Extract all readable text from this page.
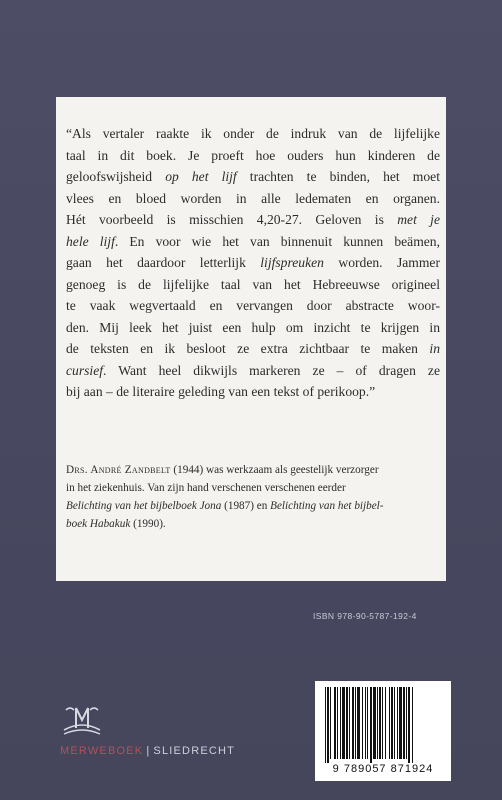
“Als vertaler raakte ik onder de indruk van de lijfelijke
taal in dit boek. Je proeft hoe ouders hun kinderen de
geloofswijsheid op het lijf trachten te binden, het moet
vlees en bloed worden in alle ledematen en organen.
Hét voorbeeld is misschien 4,20-27. Geloven is met je
hele lijf. En voor wie het van binnenuit kunnen beämen,
gaan het daardoor letterlijk lijfspreuken worden. Jammer
genoeg is de lijfelijke taal van het Hebreeuwse origineel
te vaak wegvertaald en vervangen door abstracte woor-
den. Mij leek het juist een hulp om inzicht te krijgen in
de teksten en ik besloot ze extra zichtbaar te maken in
cursief. Want heel dikwijls markeren ze – of dragen ze
bij aan – de literaire geleding van een tekst of perikoop.”

Drs. André Zandbelt (1944) was werkzaam als geestelijk verzorger
in het ziekenhuis. Van zijn hand verschenen verschenen eerder
Belichting van het bijbelboek Jona (1987) en Belichting van het bijbel-
boek Habakuk (1990).

ISBN 978-90-5787-192-4
9 789057 871924
MERWEBOEK | SLIEDRECHT
